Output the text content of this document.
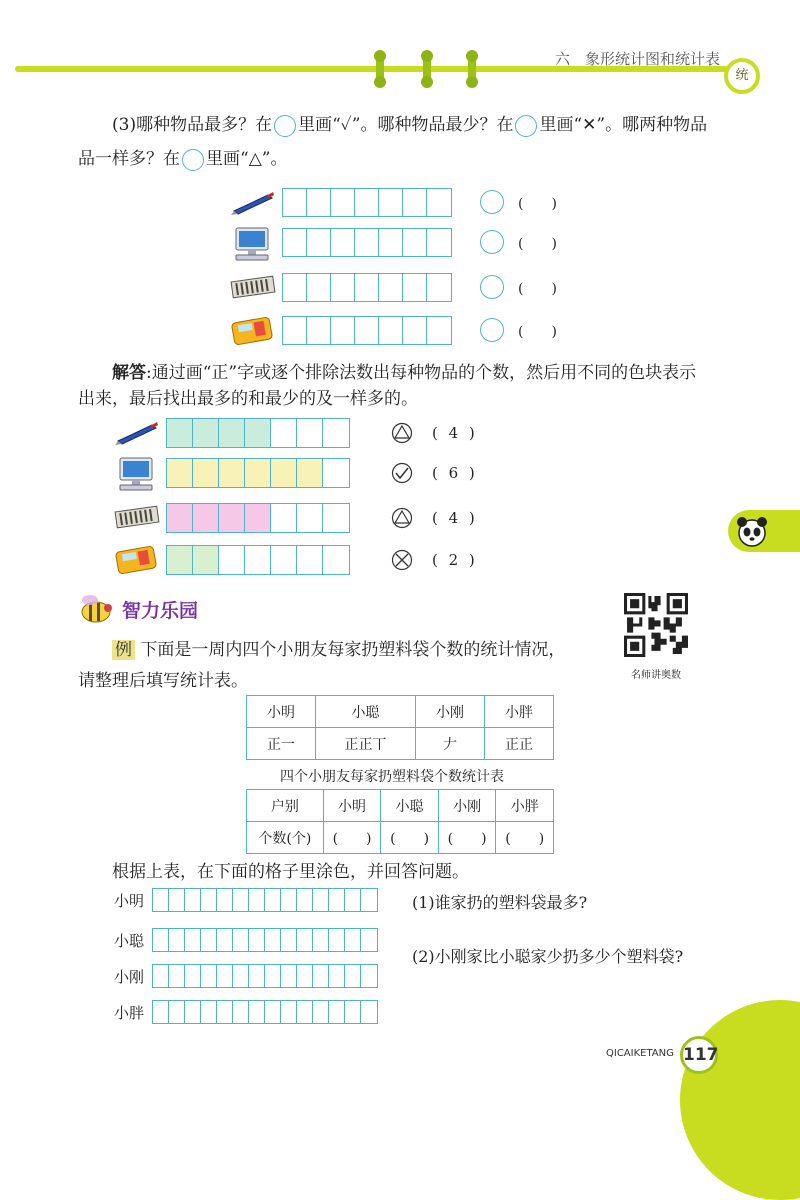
六　象形统计图和统计表
统
(3)哪种物品最多？在 里画“✓”。哪种物品最少？在 里画“✕”。哪两种物品
品一样多？在 里画“△”。
(　　)
(　　)
(　　)
(　　)
解答:通过画“正”字或逐个排除法数出每种物品的个数，然后用不同的色块表示
出来，最后找出最多的和最少的及一样多的。
( 4 )
( 6 )
( 4 )
( 2 )
智力乐园
名师讲奥数
例 下面是一周内四个小朋友每家扔塑料袋个数的统计情况，
请整理后填写统计表。
小明	小聪	小刚	小胖
正一	正正丅	𠂇	正正
四个小朋友每家扔塑料袋个数统计表
户别	小明	小聪	小刚	小胖
个数(个)	(　　)	(　　)	(　　)	(　　)
根据上表，在下面的格子里涂色，并回答问题。
小明
小聪
小刚
小胖
(1)谁家扔的塑料袋最多?
(2)小刚家比小聪家少扔多少个塑料袋?
QICAIKETANG 117
